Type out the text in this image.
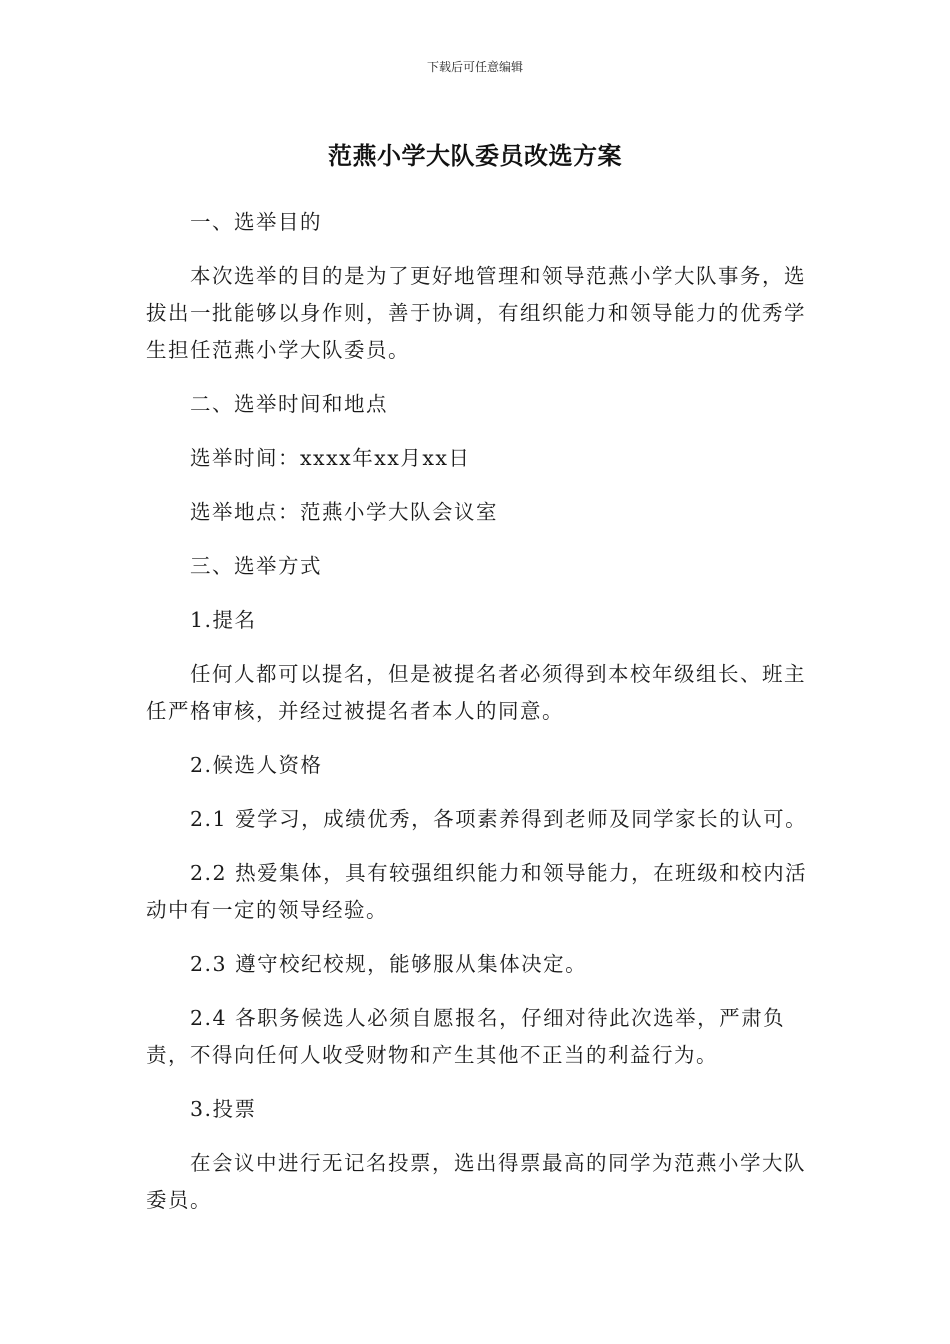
下载后可任意编辑
范燕小学大队委员改选方案

一、选举目的

本次选举的目的是为了更好地管理和领导范燕小学大队事务，选拔出一批能够以身作则，善于协调，有组织能力和领导能力的优秀学生担任范燕小学大队委员。

二、选举时间和地点

选举时间：xxxx年xx月xx日

选举地点：范燕小学大队会议室

三、选举方式

1.提名

任何人都可以提名，但是被提名者必须得到本校年级组长、班主任严格审核，并经过被提名者本人的同意。

2.候选人资格

2.1 爱学习，成绩优秀，各项素养得到老师及同学家长的认可。

2.2 热爱集体，具有较强组织能力和领导能力，在班级和校内活动中有一定的领导经验。

2.3 遵守校纪校规，能够服从集体决定。

2.4 各职务候选人必须自愿报名，仔细对待此次选举，严肃负责，不得向任何人收受财物和产生其他不正当的利益行为。

3.投票

在会议中进行无记名投票，选出得票最高的同学为范燕小学大队委员。
